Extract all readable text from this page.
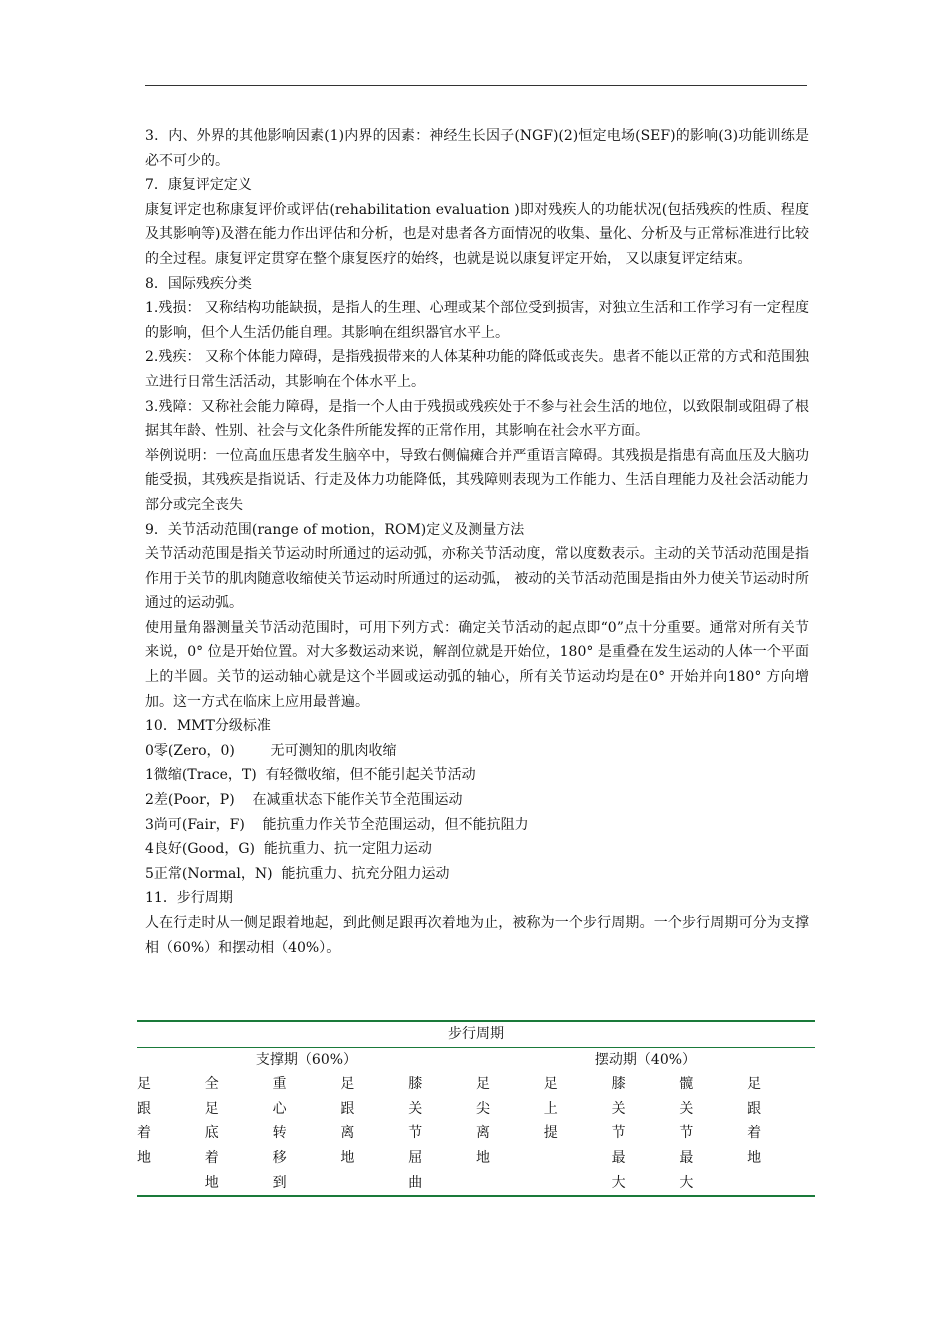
3．内、外界的其他影响因素(1)内界的因素：神经生长因子(NGF)(2)恒定电场(SEF)的影响(3)功能训练是必不可少的。

7．康复评定定义

康复评定也称康复评价或评估(rehabilitation evaluation )即对残疾人的功能状况(包括残疾的性质、程度及其影响等)及潜在能力作出评估和分析，也是对患者各方面情况的收集、量化、分析及与正常标准进行比较的全过程。康复评定贯穿在整个康复医疗的始终，也就是说以康复评定开始， 又以康复评定结束。

8．国际残疾分类

1.残损： 又称结构功能缺损，是指人的生理、心理或某个部位受到损害，对独立生活和工作学习有一定程度的影响，但个人生活仍能自理。其影响在组织器官水平上。

2.残疾： 又称个体能力障碍，是指残损带来的人体某种功能的降低或丧失。患者不能以正常的方式和范围独立进行日常生活活动，其影响在个体水平上。

3.残障：又称社会能力障碍，是指一个人由于残损或残疾处于不参与社会生活的地位，以致限制或阻碍了根据其年龄、性别、社会与文化条件所能发挥的正常作用，其影响在社会水平方面。

举例说明：一位高血压患者发生脑卒中，导致右侧偏瘫合并严重语言障碍。其残损是指患有高血压及大脑功能受损，其残疾是指说话、行走及体力功能降低，其残障则表现为工作能力、生活自理能力及社会活动能力部分或完全丧失

9．关节活动范围(range of motion，ROM)定义及测量方法

关节活动范围是指关节运动时所通过的运动弧，亦称关节活动度，常以度数表示。主动的关节活动范围是指作用于关节的肌肉随意收缩使关节运动时所通过的运动弧， 被动的关节活动范围是指由外力使关节运动时所通过的运动弧。

使用量角器测量关节活动范围时，可用下列方式：确定关节活动的起点即“0”点十分重要。通常对所有关节来说，0° 位是开始位置。对大多数运动来说，解剖位就是开始位，180° 是重叠在发生运动的人体一个平面上的半圆。关节的运动轴心就是这个半圆或运动弧的轴心，所有关节运动均是在0° 开始并向180° 方向增加。这一方式在临床上应用最普遍。

10．MMT分级标准

0零(Zero，0)        无可测知的肌肉收缩

1微缩(Trace，T)  有轻微收缩，但不能引起关节活动

2差(Poor，P)    在减重状态下能作关节全范围运动

3尚可(Fair，F)    能抗重力作关节全范围运动，但不能抗阻力

4良好(Good，G)  能抗重力、抗一定阻力运动

5正常(Normal，N)  能抗重力、抗充分阻力运动

11．步行周期

人在行走时从一侧足跟着地起，到此侧足跟再次着地为止，被称为一个步行周期。一个步行周期可分为支撑相（60%）和摆动相（40%）。

步行周期									
支撑期（60%）					摆动期（40%）				
足	全	重	足	膝	足	足	膝	髋	足
跟	足	心	跟	关	尖	上	关	关	跟
着	底	转	离	节	离	提	节	节	着
地	着	移	地	屈	地		最	最	地
	地	到		曲			大	大	
